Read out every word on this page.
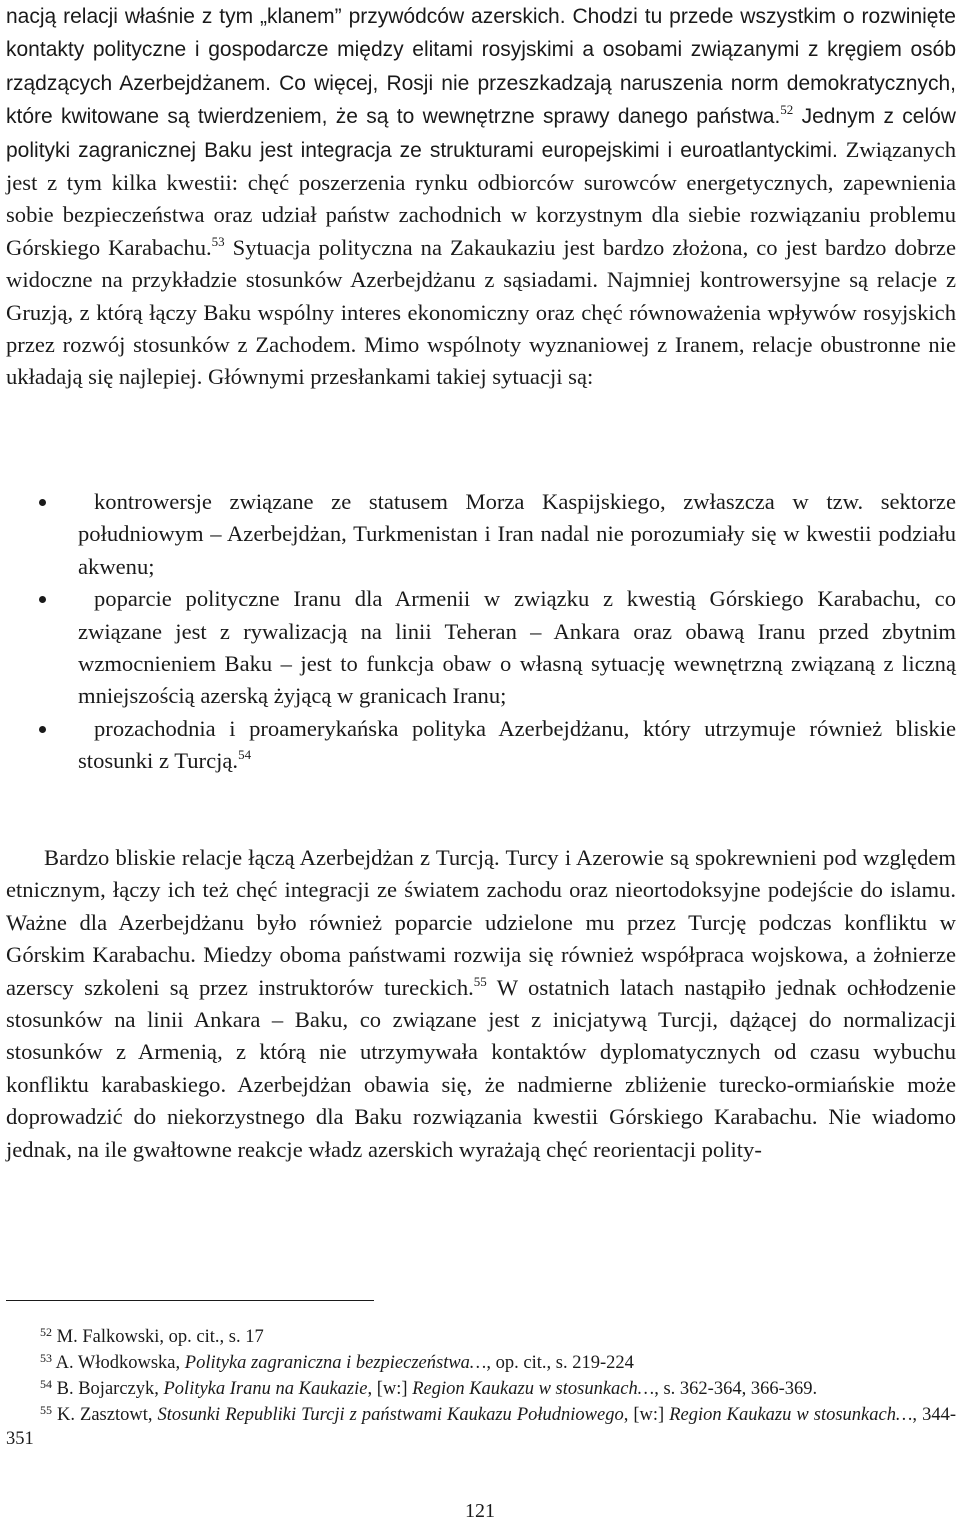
nacją relacji właśnie z tym „klanem” przywódców azerskich. Chodzi tu przede wszystkim o rozwinięte kontakty polityczne i gospodarcze między elitami rosyjskimi a osobami związanymi z kręgiem osób rządzących Azerbejdżanem. Co więcej, Rosji nie przeszkadzają naruszenia norm demokratycznych, które kwitowane są twierdzeniem, że są to wewnętrzne sprawy danego państwa.$^{52}$ Jednym z celów polityki zagranicznej Baku jest integracja ze strukturami europejskimi i euroatlantyckimi. Związanych jest z tym kilka kwestii: chęć poszerzenia rynku odbiorców surowców energetycznych, zapewnienia sobie bezpieczeństwa oraz udział państw zachodnich w korzystnym dla siebie rozwiązaniu problemu Górskiego Karabachu.$^{53}$ Sytuacja polityczna na Zakaukaziu jest bardzo złożona, co jest bardzo dobrze widoczne na przykładzie stosunków Azerbejdżanu z sąsiadami. Najmniej kontrowersyjne są relacje z Gruzją, z którą łączy Baku wspólny interes ekonomiczny oraz chęć równoważenia wpływów rosyjskich przez rozwój stosunków z Zachodem. Mimo wspólnoty wyznaniowej z Iranem, relacje obustronne nie układają się najlepiej. Głównymi przesłankami takiej sytuacji są:

kontrowersje związane ze statusem Morza Kaspijskiego, zwłaszcza w tzw. sektorze południowym – Azerbejdżan, Turkmenistan i Iran nadal nie porozumiały się w kwestii podziału akwenu;
poparcie polityczne Iranu dla Armenii w związku z kwestią Górskiego Karabachu, co związane jest z rywalizacją na linii Teheran – Ankara oraz obawą Iranu przed zbytnim wzmocnieniem Baku – jest to funkcja obaw o własną sytuację wewnętrzną związaną z liczną mniejszością azerską żyjącą w granicach Iranu;
prozachodnia i proamerykańska polityka Azerbejdżanu, który utrzymuje również bliskie stosunki z Turcją.$^{54}$

Bardzo bliskie relacje łączą Azerbejdżan z Turcją. Turcy i Azerowie są spokrewnieni pod względem etnicznym, łączy ich też chęć integracji ze światem zachodu oraz nieortodoksyjne podejście do islamu. Ważne dla Azerbejdżanu było również poparcie udzielone mu przez Turcję podczas konfliktu w Górskim Karabachu. Miedzy oboma państwami rozwija się również współpraca wojskowa, a żołnierze azerscy szkoleni są przez instruktorów tureckich.$^{55}$ W ostatnich latach nastąpiło jednak ochłodzenie stosunków na linii Ankara – Baku, co związane jest z inicjatywą Turcji, dążącej do normalizacji stosunków z Armenią, z którą nie utrzymywała kontaktów dyplomatycznych od czasu wybuchu konfliktu karabaskiego. Azerbejdżan obawia się, że nadmierne zbliżenie turecko-ormiańskie może doprowadzić do niekorzystnego dla Baku rozwiązania kwestii Górskiego Karabachu. Nie wiadomo jednak, na ile gwałtowne reakcje władz azerskich wyrażają chęć reorientacji polity-

$^{52}$ M. Falkowski, op. cit., s. 17

$^{53}$ A. Włodkowska, Polityka zagraniczna i bezpieczeństwa…, op. cit., s. 219-224

$^{54}$ B. Bojarczyk, Polityka Iranu na Kaukazie, [w:] Region Kaukazu w stosunkach…, s. 362-364, 366-369.

$^{55}$ K. Zasztowt, Stosunki Republiki Turcji z państwami Kaukazu Południowego, [w:] Region Kaukazu w stosunkach…, 344-351

121
